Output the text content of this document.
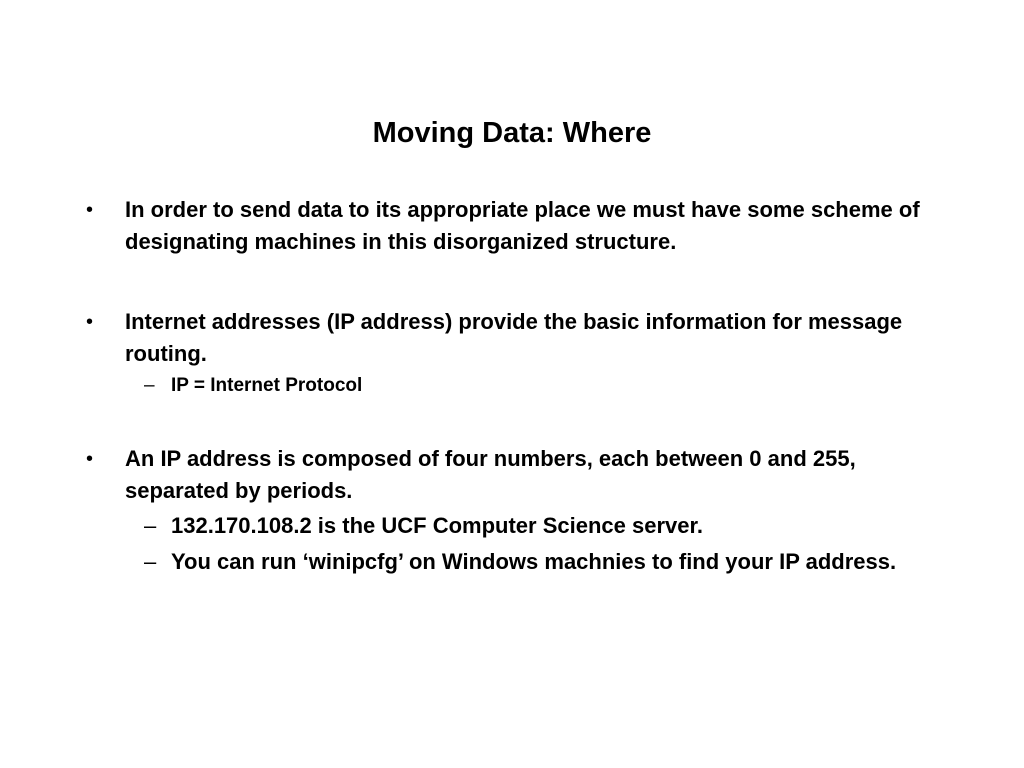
Moving Data: Where
• In order to send data to its appropriate place we must have some scheme of designating machines in this disorganized structure.
• Internet addresses (IP address) provide the basic information for message routing.
– IP = Internet Protocol
• An IP address is composed of four numbers, each between 0 and 255, separated by periods.
– 132.170.108.2 is the UCF Computer Science server.
– You can run ‘winipcfg’ on Windows machnies to find your IP address.
